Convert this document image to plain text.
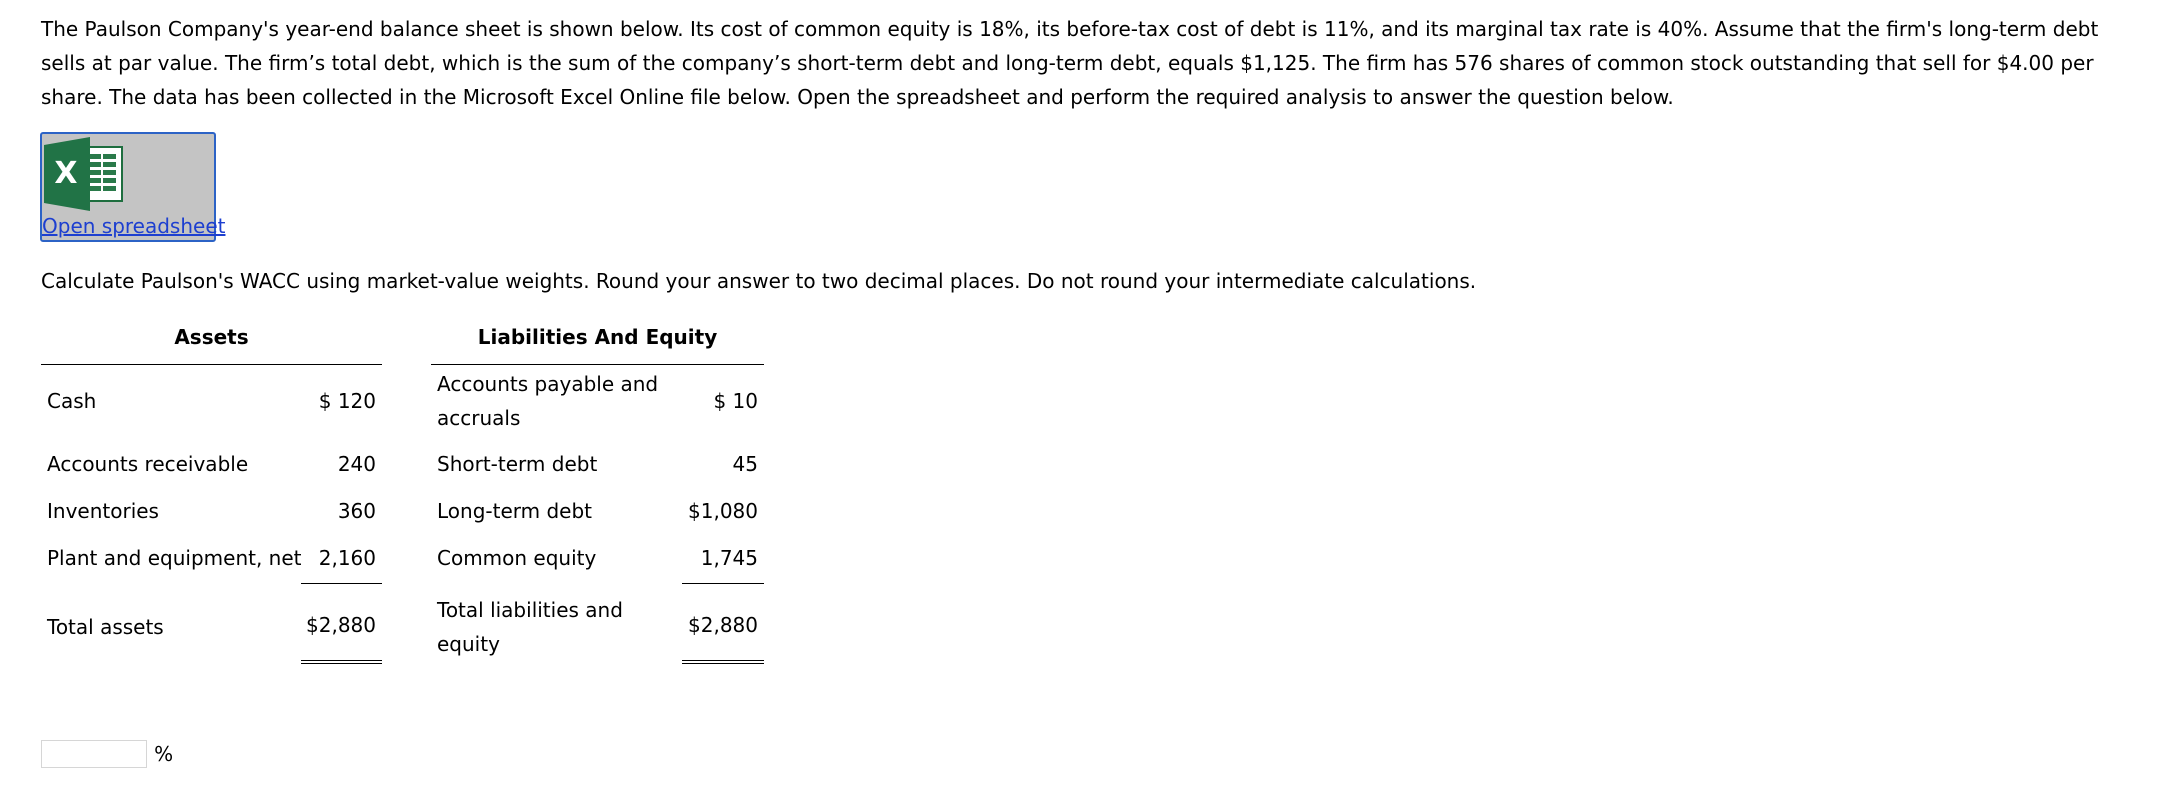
The Paulson Company's year-end balance sheet is shown below. Its cost of common equity is 18%, its before-tax cost of debt is 11%, and its marginal tax rate is 40%. Assume that the firm's long-term debt sells at par value. The firm’s total debt, which is the sum of the company’s short-term debt and long-term debt, equals $1,125. The firm has 576 shares of common stock outstanding that sell for $4.00 per share. The data has been collected in the Microsoft Excel Online file below. Open the spreadsheet and perform the required analysis to answer the question below.

X
Open spreadsheet

Calculate Paulson's WACC using market-value weights. Round your answer to two decimal places. Do not round your intermediate calculations.

Assets	Liabilities And Equity
Cash
Accounts receivable
Inventories
Plant and equipment, net
Total assets
$ 120
240
360
2,160
$2,880
Accounts payable and accruals
Short-term debt
Long-term debt
Common equity
Total liabilities and equity
$ 10
45
$1,080
1,745
$2,880
%
